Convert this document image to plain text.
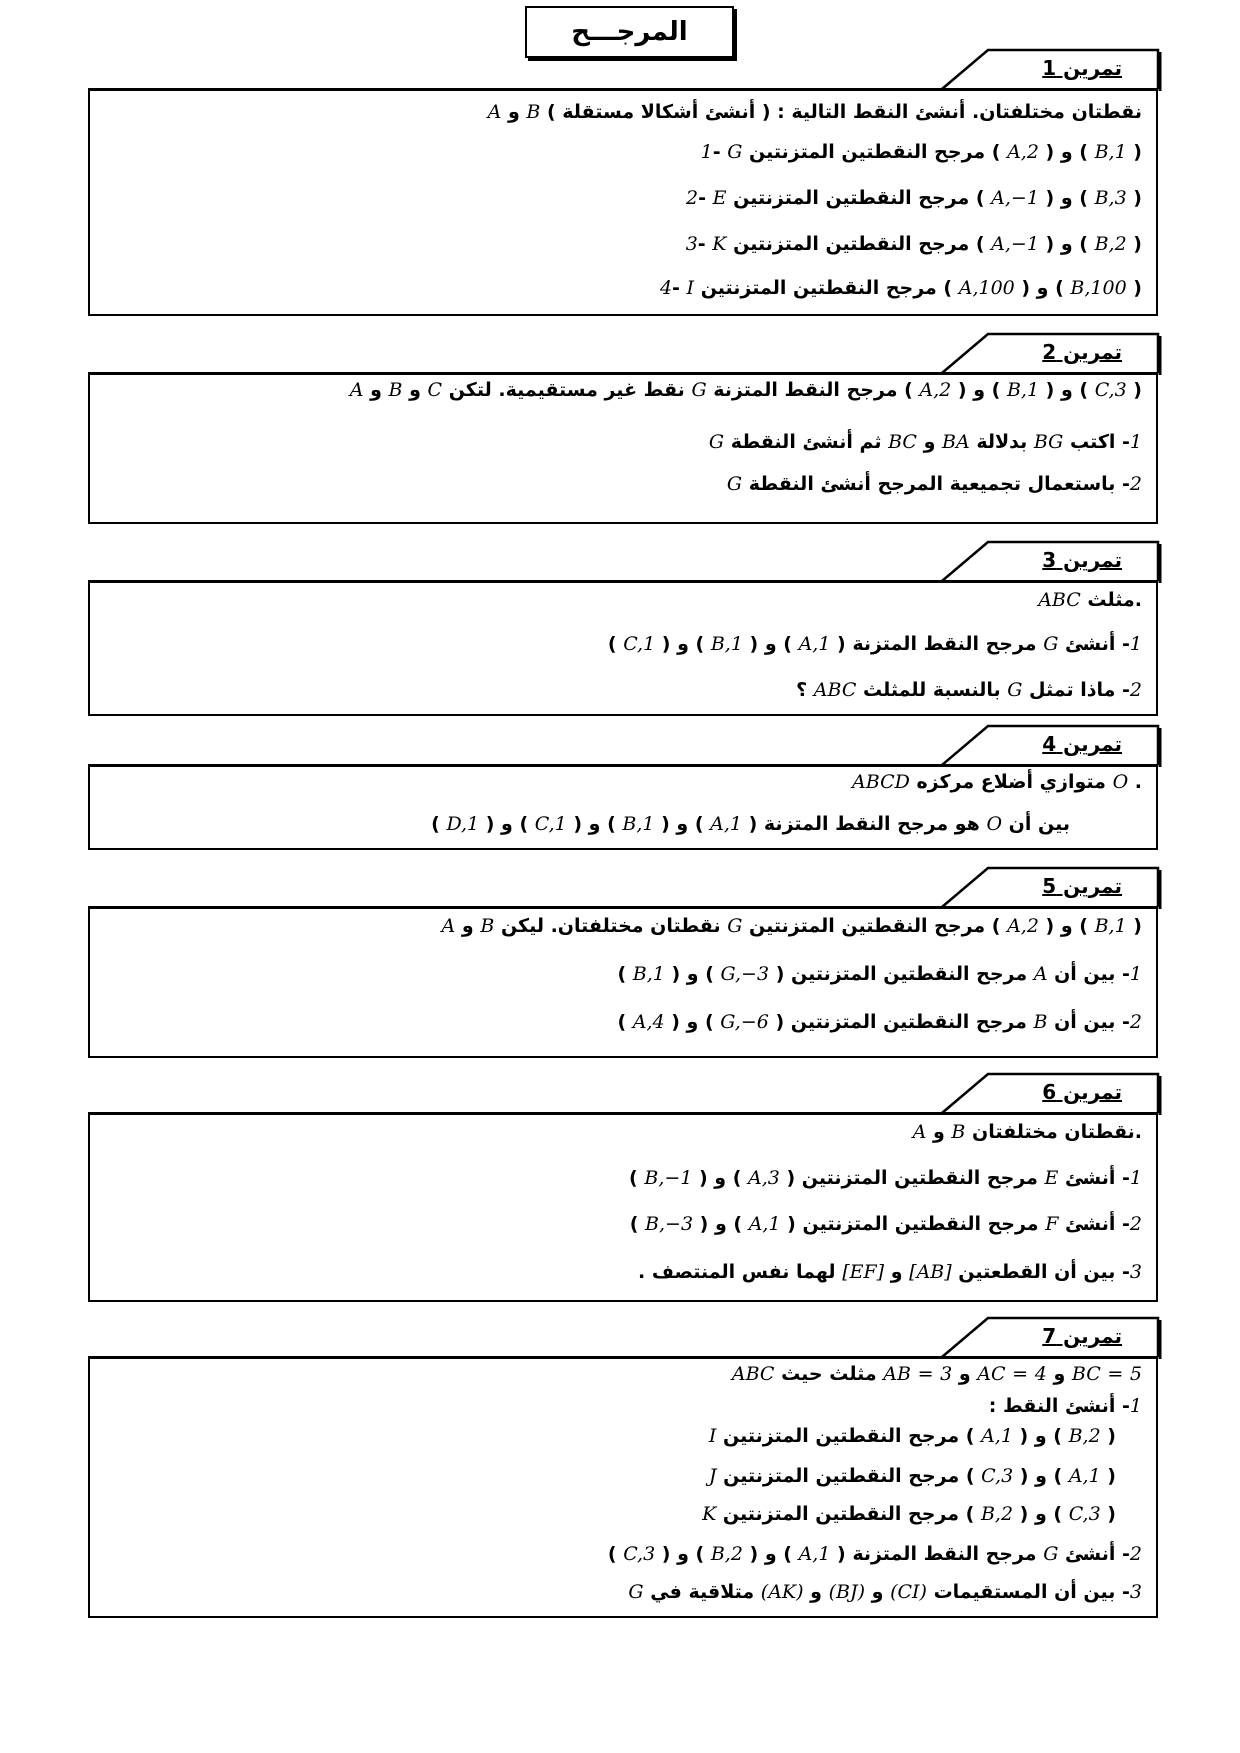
المرجـــح
تمرين 1
A و B نقطتان مختلفتان. أنشئ النقط التالية : ( أنشئ أشكالا مستقلة )
1- G مرجح النقطتين المتزنتين ( A,2 ) و ( B,1 )
2- E مرجح النقطتين المتزنتين ( A,−1 ) و ( B,3 )
3- K مرجح النقطتين المتزنتين ( A,−1 ) و ( B,2 )
4- I مرجح النقطتين المتزنتين ( A,100 ) و ( B,100 )
تمرين 2
A و B و C نقط غير مستقيمية. لتكن G مرجح النقط المتزنة ( A,2 ) و ( B,1 ) و ( C,3 )
1- اكتب BG بدلالة BA و BC ثم أنشئ النقطة G
2- باستعمال تجميعية المرجح أنشئ النقطة G
تمرين 3
ABC مثلث.
1- أنشئ G مرجح النقط المتزنة ( A,1 ) و ( B,1 ) و ( C,1 )
2- ماذا تمثل G بالنسبة للمثلث ABC ؟
تمرين 4
ABCD متوازي أضلاع مركزه O .
بين أن O هو مرجح النقط المتزنة ( A,1 ) و ( B,1 ) و ( C,1 ) و ( D,1 )
تمرين 5
A و B نقطتان مختلفتان. ليكن G مرجح النقطتين المتزنتين ( A,2 ) و ( B,1 )
1- بين أن A مرجح النقطتين المتزنتين ( G,−3 ) و ( B,1 )
2- بين أن B مرجح النقطتين المتزنتين ( G,−6 ) و ( A,4 )
تمرين 6
A و B نقطتان مختلفتان.
1- أنشئ E مرجح النقطتين المتزنتين ( A,3 ) و ( B,−1 )
2- أنشئ F مرجح النقطتين المتزنتين ( A,1 ) و ( B,−3 )
3- بين أن القطعتين [AB] و [EF] لهما نفس المنتصف .
تمرين 7
ABC مثلث حيث AB = 3 و AC = 4 و BC = 5
1- أنشئ النقط :
I مرجح النقطتين المتزنتين ( A,1 ) و ( B,2 )
J مرجح النقطتين المتزنتين ( C,3 ) و ( A,1 )
K مرجح النقطتين المتزنتين ( B,2 ) و ( C,3 )
2- أنشئ G مرجح النقط المتزنة ( A,1 ) و ( B,2 ) و ( C,3 )
3- بين أن المستقيمات (CI) و (BJ) و (AK) متلاقية في G
